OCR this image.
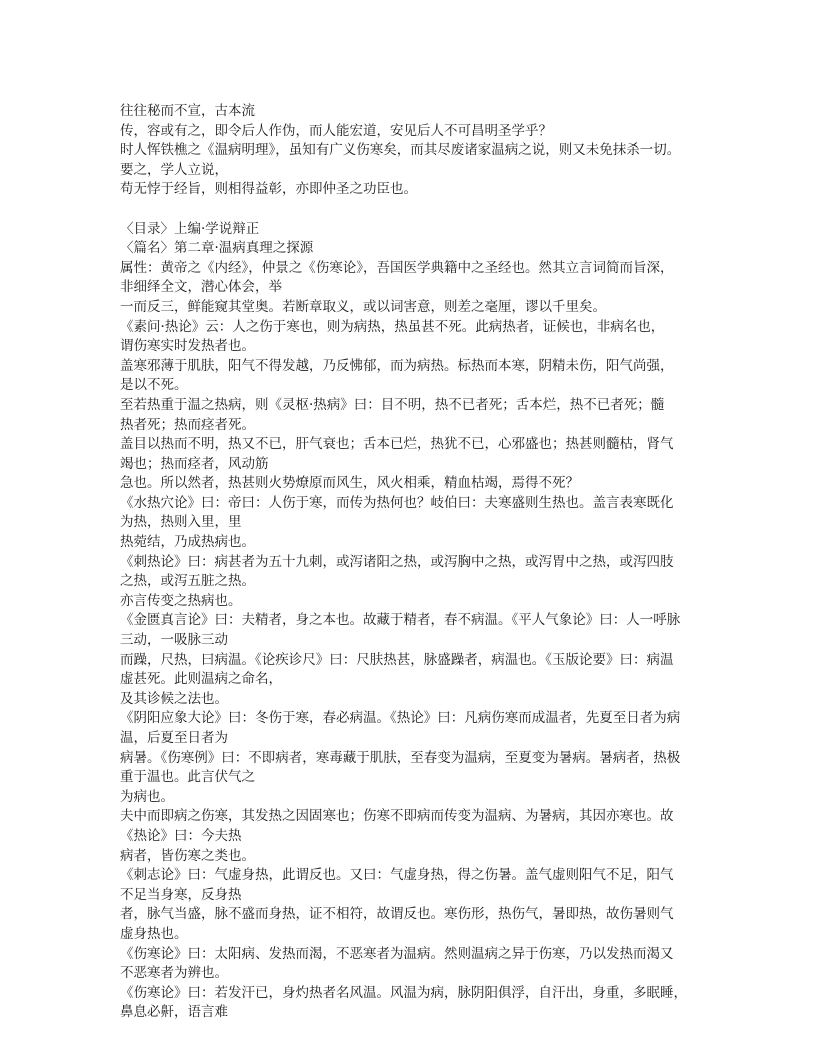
往往秘而不宣，古本流
传，容或有之，即令后人作伪，而人能宏道，安见后人不可昌明圣学乎？
时人恽铁樵之《温病明理》，虽知有广义伤寒矣，而其尽废诸家温病之说，则又未免抹杀一切。
要之，学人立说，
苟无悖于经旨，则相得益彰，亦即仲圣之功臣也。
〈目录〉上编·学说辩正
〈篇名〉第二章·温病真理之探源
属性：黄帝之《内经》，仲景之《伤寒论》，吾国医学典籍中之圣经也。然其立言词简而旨深，
非细绎全文，潜心体会，举
一而反三，鲜能窥其堂奥。若断章取义，或以词害意，则差之毫厘，谬以千里矣。
《素问·热论》云：人之伤于寒也，则为病热，热虽甚不死。此病热者，证候也，非病名也，
谓伤寒实时发热者也。
盖寒邪薄于肌肤，阳气不得发越，乃反怫郁，而为病热。标热而本寒，阴精未伤，阳气尚强，
是以不死。
至若热重于温之热病，则《灵枢·热病》曰：目不明，热不已者死；舌本烂，热不已者死；髓
热者死；热而痉者死。
盖目以热而不明，热又不已，肝气衰也；舌本已烂，热犹不已，心邪盛也；热甚则髓枯，肾气
竭也；热而痉者，风动筋
急也。所以然者，热甚则火势燎原而风生，风火相乘，精血枯竭，焉得不死？
《水热穴论》曰：帝曰：人伤于寒，而传为热何也？岐伯曰：夫寒盛则生热也。盖言表寒既化
为热，热则入里，里
热菀结，乃成热病也。
《刺热论》曰：病甚者为五十九刺，或泻诸阳之热，或泻胸中之热，或泻胃中之热，或泻四肢
之热，或泻五脏之热。
亦言传变之热病也。
《金匮真言论》曰：夫精者，身之本也。故藏于精者，春不病温。《平人气象论》曰：人一呼脉
三动，一吸脉三动
而躁，尺热，曰病温。《论疾诊尺》曰：尺肤热甚，脉盛躁者，病温也。《玉版论要》曰：病温
虚甚死。此则温病之命名，
及其诊候之法也。
《阴阳应象大论》曰：冬伤于寒，春必病温。《热论》曰：凡病伤寒而成温者，先夏至日者为病
温，后夏至日者为
病暑。《伤寒例》曰：不即病者，寒毒藏于肌肤，至春变为温病，至夏变为暑病。暑病者，热极
重于温也。此言伏气之
为病也。
夫中而即病之伤寒，其发热之因固寒也；伤寒不即病而传变为温病、为暑病，其因亦寒也。故
《热论》曰：今夫热
病者，皆伤寒之类也。
《刺志论》曰：气虚身热，此谓反也。又曰：气虚身热，得之伤暑。盖气虚则阳气不足，阳气
不足当身寒，反身热
者，脉气当盛，脉不盛而身热，证不相符，故谓反也。寒伤形，热伤气，暑即热，故伤暑则气
虚身热也。
《伤寒论》曰：太阳病、发热而渴，不恶寒者为温病。然则温病之异于伤寒，乃以发热而渴又
不恶寒者为辨也。
《伤寒论》曰：若发汗已，身灼热者名风温。风温为病，脉阴阳俱浮，自汗出，身重，多眠睡，
鼻息必鼾，语言难
